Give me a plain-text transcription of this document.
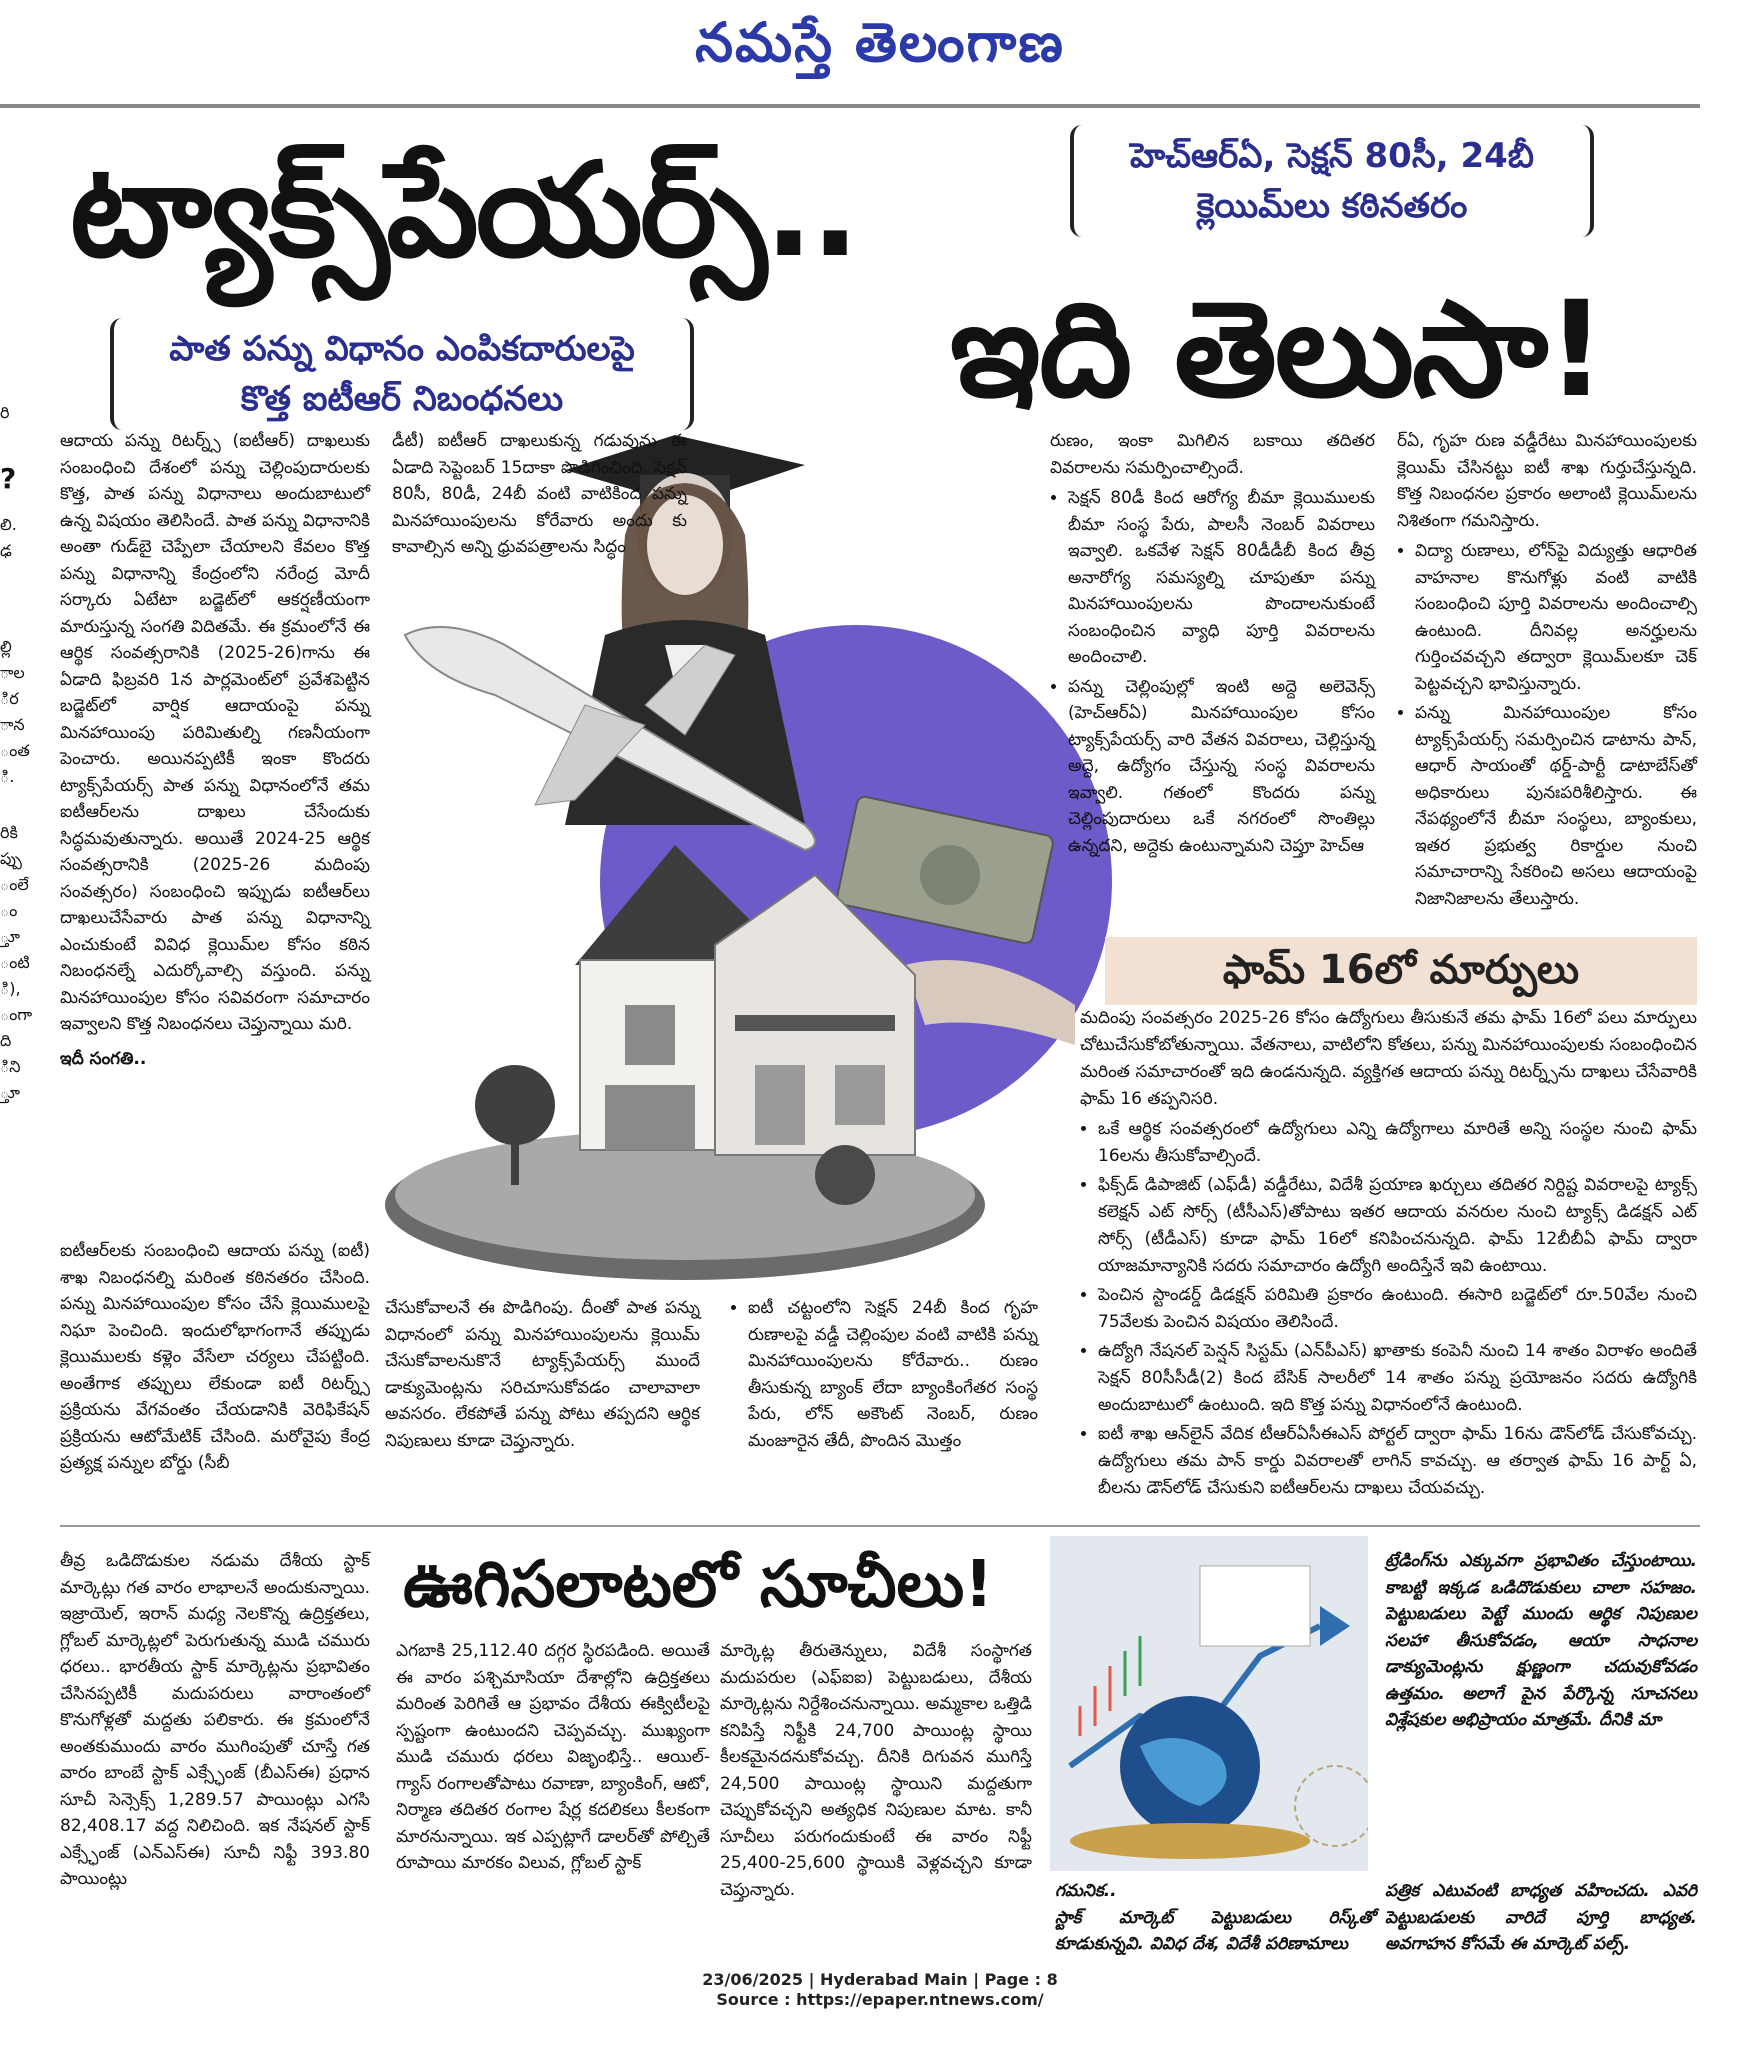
నమస్తే తెలంగాణ

రి

?

లి.

ఢ

ల్లి

ాల

ిర

ాన

ంత

ి.

రికి

ప్పు

ంలే

ం

్తూ

ంటి

ి),

ంగా

ది

ిని

్తూ

హెచ్‌ఆర్‌ఏ, సెక్షన్‌ 80సీ, 24బీ
క్లెయిమ్‌లు కఠినతరం
ట్యాక్స్‌పేయర్స్‌..
ఇది తెలుసా!
పాత పన్ను విధానం ఎంపికదారులపై
కొత్త ఐటీఆర్‌ నిబంధనలు

ఆదాయ పన్ను రిటర్న్స్‌ (ఐటీఆర్‌) దాఖలుకు సంబంధించి దేశంలో పన్ను చెల్లింపుదారులకు కొత్త, పాత పన్ను విధానాలు అందుబాటులో ఉన్న విషయం తెలిసిందే. పాత పన్ను విధానానికి అంతా గుడ్‌బై చెప్పేలా చేయాలని కేవలం కొత్త పన్ను విధానాన్ని కేంద్రంలోని నరేంద్ర మోదీ సర్కారు ఏటేటా బడ్జెట్‌లో ఆకర్షణీయంగా మారుస్తున్న సంగతి విదితమే. ఈ క్రమంలోనే ఈ ఆర్థిక సంవత్సరానికి (2025-26)గాను ఈ ఏడాది ఫిబ్రవరి 1న పార్లమెంట్‌లో ప్రవేశపెట్టిన బడ్జెట్‌లో వార్షిక ఆదాయంపై పన్ను మినహాయింపు పరిమితుల్ని గణనీయంగా పెంచారు. అయినప్పటికీ ఇంకా కొందరు ట్యాక్స్‌పేయర్స్‌ పాత పన్ను విధానంలోనే తమ ఐటీఆర్‌లను దాఖలు చేసేందుకు సిద్ధమవుతున్నారు. అయితే 2024-25 ఆర్థిక సంవత్సరానికి (2025-26 మదింపు సంవత్సరం) సంబంధించి ఇప్పుడు ఐటీఆర్‌లు దాఖలుచేసేవారు పాత పన్ను విధానాన్ని ఎంచుకుంటే వివిధ క్లెయిమ్‌ల కోసం కఠిన నిబంధనల్నే ఎదుర్కోవాల్సి వస్తుంది. పన్ను మినహాయింపుల కోసం సవివరంగా సమాచారం ఇవ్వాలని కొత్త నిబంధనలు చెప్తున్నాయి మరి.

ఇదీ సంగతి..

ఐటీఆర్‌లకు సంబంధించి ఆదాయ పన్ను (ఐటీ) శాఖ నిబంధనల్ని మరింత కఠినతరం చేసింది. పన్ను మినహాయింపుల కోసం చేసే క్లెయిములపై నిఘా పెంచింది. ఇందులోభాగంగానే తప్పుడు క్లెయిములకు కళ్లెం వేసేలా చర్యలు చేపట్టింది. అంతేగాక తప్పులు లేకుండా ఐటీ రిటర్న్స్‌ ప్రక్రియను వేగవంతం చేయడానికి వెరిఫికేషన్‌ ప్రక్రియను ఆటోమేటిక్‌ చేసింది. మరోవైపు కేంద్ర ప్రత్యక్ష పన్నుల బోర్డు (సీబీ

డీటీ) ఐటీఆర్‌ దాఖలుకున్న గడువును ఈ ఏడాది సెప్టెంబర్‌ 15దాకా పొడిగించింది. సెక్షన్‌ 80సీ, 80డీ, 24బీ వంటి వాటికింద పన్ను మినహాయింపులను కోరేవారు అందు కు కావాల్సిన అన్ని ధ్రువపత్రాలను సిద్ధం

చేసుకోవాలనే ఈ పొడిగింపు. దీంతో పాత పన్ను విధానంలో పన్ను మినహాయింపులను క్లెయిమ్‌ చేసుకోవాలనుకొనే ట్యాక్స్‌పేయర్స్‌ ముందే డాక్యుమెంట్లను సరిచూసుకోవడం చాలావాలా అవసరం. లేకపోతే పన్ను పోటు తప్పదని ఆర్థిక నిపుణులు కూడా చెప్తున్నారు.

• ఐటీ చట్టంలోని సెక్షన్‌ 24బీ కింద గృహ రుణాలపై వడ్డీ చెల్లింపుల వంటి వాటికి పన్ను మినహాయింపులను కోరేవారు.. రుణం తీసుకున్న బ్యాంక్‌ లేదా బ్యాంకింగేతర సంస్థ పేరు, లోన్‌ అకౌంట్‌ నెంబర్‌, రుణం మంజూరైన తేదీ, పొందిన మొత్తం

రుణం, ఇంకా మిగిలిన బకాయి తదితర వివరాలను సమర్పించాల్సిందే.

• సెక్షన్‌ 80డీ కింద ఆరోగ్య బీమా క్లెయిములకు బీమా సంస్థ పేరు, పాలసీ నెంబర్‌ వివరాలు ఇవ్వాలి. ఒకవేళ సెక్షన్‌ 80డీడీబీ కింద తీవ్ర అనారోగ్య సమస్యల్ని చూపుతూ పన్ను మినహాయింపులను పొందాలనుకుంటే సంబంధించిన వ్యాధి పూర్తి వివరాలను అందించాలి.
• పన్ను చెల్లింపుల్లో ఇంటి అద్దె అలెవెన్స్‌ (హెచ్‌ఆర్‌ఏ) మినహాయింపుల కోసం ట్యాక్స్‌పేయర్స్‌ వారి వేతన వివరాలు, చెల్లిస్తున్న అద్దె, ఉద్యోగం చేస్తున్న సంస్థ వివరాలను ఇవ్వాలి. గతంలో కొందరు పన్ను చెల్లింపుదారులు ఒకే నగరంలో సొంతిల్లు ఉన్నదని, అద్దెకు ఉంటున్నామని చెప్తూ హెచ్‌ఆ

ర్‌ఏ, గృహ రుణ వడ్డీరేటు మినహాయింపులకు క్లెయిమ్‌ చేసినట్టు ఐటీ శాఖ గుర్తుచేస్తున్నది. కొత్త నిబంధనల ప్రకారం అలాంటి క్లెయిమ్‌లను నిశితంగా గమనిస్తారు.

• విద్యా రుణాలు, లోన్‌పై విద్యుత్తు ఆధారిత వాహనాల కొనుగోళ్లు వంటి వాటికి సంబంధించి పూర్తి వివరాలను అందించాల్సి ఉంటుంది. దీనివల్ల అనర్హులను గుర్తించవచ్చని తద్వారా క్లెయిమ్‌లకూ చెక్‌ పెట్టవచ్చని భావిస్తున్నారు.
• పన్ను మినహాయింపుల కోసం ట్యాక్స్‌పేయర్స్‌ సమర్పించిన డాటాను పాన్‌, ఆధార్‌ సాయంతో థర్డ్‌-పార్టీ డాటాబేస్‌తో అధికారులు పునఃపరిశీలిస్తారు. ఈ నేపథ్యంలోనే బీమా సంస్థలు, బ్యాంకులు, ఇతర ప్రభుత్వ రికార్డుల నుంచి సమాచారాన్ని సేకరించి అసలు ఆదాయంపై నిజానిజాలను తేలుస్తారు.
ఫామ్‌ 16లో మార్పులు

మదింపు సంవత్సరం 2025-26 కోసం ఉద్యోగులు తీసుకునే తమ ఫామ్‌ 16లో పలు మార్పులు చోటుచేసుకోబోతున్నాయి. వేతనాలు, వాటిలోని కోతలు, పన్ను మినహాయింపులకు సంబంధించిన మరింత సమాచారంతో ఇది ఉండనున్నది. వ్యక్తిగత ఆదాయ పన్ను రిటర్న్స్‌ను దాఖలు చేసేవారికి ఫామ్‌ 16 తప్పనిసరి.

• ఒకే ఆర్థిక సంవత్సరంలో ఉద్యోగులు ఎన్ని ఉద్యోగాలు మారితే అన్ని సంస్థల నుంచి ఫామ్‌ 16లను తీసుకోవాల్సిందే.
• ఫిక్స్‌డ్‌ డిపాజిట్‌ (ఎఫ్‌డీ) వడ్డీరేటు, విదేశీ ప్రయాణ ఖర్చులు తదితర నిర్దిష్ట వివరాలపై ట్యాక్స్‌ కలెక్షన్‌ ఎట్‌ సోర్స్‌ (టీసీఎస్‌)తోపాటు ఇతర ఆదాయ వనరుల నుంచి ట్యాక్స్‌ డిడక్షన్‌ ఎట్‌ సోర్స్‌ (టీడీఎస్‌) కూడా ఫామ్‌ 16లో కనిపించనున్నది. ఫామ్‌ 12బీబీఏ ఫామ్‌ ద్వారా యాజమాన్యానికి సదరు సమాచారం ఉద్యోగి అందిస్తేనే ఇవి ఉంటాయి.
• పెంచిన స్టాండర్డ్‌ డిడక్షన్‌ పరిమితి ప్రకారం ఉంటుంది. ఈసారి బడ్జెట్‌లో రూ.50వేల నుంచి 75వేలకు పెంచిన విషయం తెలిసిందే.
• ఉద్యోగి నేషనల్‌ పెన్షన్‌ సిస్టమ్‌ (ఎన్‌పీఎస్‌) ఖాతాకు కంపెనీ నుంచి 14 శాతం విరాళం అందితే సెక్షన్‌ 80సీసీడీ(2) కింద బేసిక్‌ సాలరీలో 14 శాతం పన్ను ప్రయోజనం సదరు ఉద్యోగికి అందుబాటులో ఉంటుంది. ఇది కొత్త పన్ను విధానంలోనే ఉంటుంది.
• ఐటీ శాఖ ఆన్‌లైన్‌ వేదిక టీఆర్‌ఏసీఈఎస్‌ పోర్టల్‌ ద్వారా ఫామ్‌ 16ను డౌన్‌లోడ్‌ చేసుకోవచ్చు. ఉద్యోగులు తమ పాన్‌ కార్డు వివరాలతో లాగిన్‌ కావచ్చు. ఆ తర్వాత ఫామ్‌ 16 పార్ట్‌ ఏ, బీలను డౌన్‌లోడ్‌ చేసుకుని ఐటీఆర్‌లను దాఖలు చేయవచ్చు.
ఊగిసలాటలో సూచీలు!

తీవ్ర ఒడిదొడుకుల నడుమ దేశీయ స్టాక్‌ మార్కెట్లు గత వారం లాభాలనే అందుకున్నాయి. ఇజ్రాయెల్‌, ఇరాన్‌ మధ్య నెలకొన్న ఉద్రిక్తతలు, గ్లోబల్‌ మార్కెట్లలో పెరుగుతున్న ముడి చమురు ధరలు.. భారతీయ స్టాక్‌ మార్కెట్లను ప్రభావితం చేసినప్పటికీ మదుపరులు వారాంతంలో కొనుగోళ్లతో మద్దతు పలికారు. ఈ క్రమంలోనే అంతకుముందు వారం ముగింపుతో చూస్తే గత వారం బాంబే స్టాక్‌ ఎక్స్ఛేంజ్‌ (బీఎస్‌ఈ) ప్రధాన సూచీ సెన్సెక్స్‌ 1,289.57 పాయింట్లు ఎగసి 82,408.17 వద్ద నిలిచింది. ఇక నేషనల్‌ స్టాక్‌ ఎక్స్ఛేంజ్‌ (ఎన్‌ఎస్‌ఈ) సూచీ నిఫ్టీ 393.80 పాయింట్లు

ఎగబాకి 25,112.40 దగ్గర స్థిరపడింది. అయితే ఈ వారం పశ్చిమాసియా దేశాల్లోని ఉద్రిక్తతలు మరింత పెరిగితే ఆ ప్రభావం దేశీయ ఈక్విటీలపై స్పష్టంగా ఉంటుందని చెప్పవచ్చు. ముఖ్యంగా ముడి చమురు ధరలు విజృంభిస్తే.. ఆయిల్‌-గ్యాస్‌ రంగాలతోపాటు రవాణా, బ్యాంకింగ్‌, ఆటో, నిర్మాణ తదితర రంగాల షేర్ల కదలికలు కీలకంగా మారనున్నాయి. ఇక ఎప్పట్లాగే డాలర్‌తో పోల్చితే రూపాయి మారకం విలువ, గ్లోబల్‌ స్టాక్‌

మార్కెట్ల తీరుతెన్నులు, విదేశీ సంస్థాగత మదుపరుల (ఎఫ్‌ఐఐ) పెట్టుబడులు, దేశీయ మార్కెట్లను నిర్దేశించనున్నాయి. అమ్మకాల ఒత్తిడి కనిపిస్తే నిఫ్టీకి 24,700 పాయింట్ల స్థాయి కీలకమైనదనుకోవచ్చు. దీనికి దిగువన ముగిస్తే 24,500 పాయింట్ల స్థాయిని మద్దతుగా చెప్పుకోవచ్చని అత్యధిక నిపుణుల మాట. కానీ సూచీలు పరుగందుకుంటే ఈ వారం నిఫ్టీ 25,400-25,600 స్థాయికి వెళ్లవచ్చని కూడా చెప్తున్నారు.	గమనిక..

స్టాక్‌ మార్కెట్‌ పెట్టుబడులు రిస్క్‌తో కూడుకున్నవి. వివిధ దేశ, విదేశీ పరిణామాలు

ట్రేడింగ్‌ను ఎక్కువగా ప్రభావితం చేస్తుంటాయి. కాబట్టి ఇక్కడ ఒడిదొడుకులు చాలా సహజం. పెట్టుబడులు పెట్టే ముందు ఆర్థిక నిపుణుల సలహా తీసుకోవడం, ఆయా సాధనాల డాక్యుమెంట్లను క్షుణ్ణంగా చదువుకోవడం ఉత్తమం. అలాగే పైన పేర్కొన్న సూచనలు విశ్లేషకుల అభిప్రాయం మాత్రమే. దీనికి మా

పత్రిక ఎటువంటి బాధ్యత వహించదు. ఎవరి పెట్టుబడులకు వారిదే పూర్తి బాధ్యత. అవగాహన కోసమే ఈ మార్కెట్‌ పల్స్‌.

23/06/2025 | Hyderabad Main | Page : 8
Source : https://epaper.ntnews.com/
